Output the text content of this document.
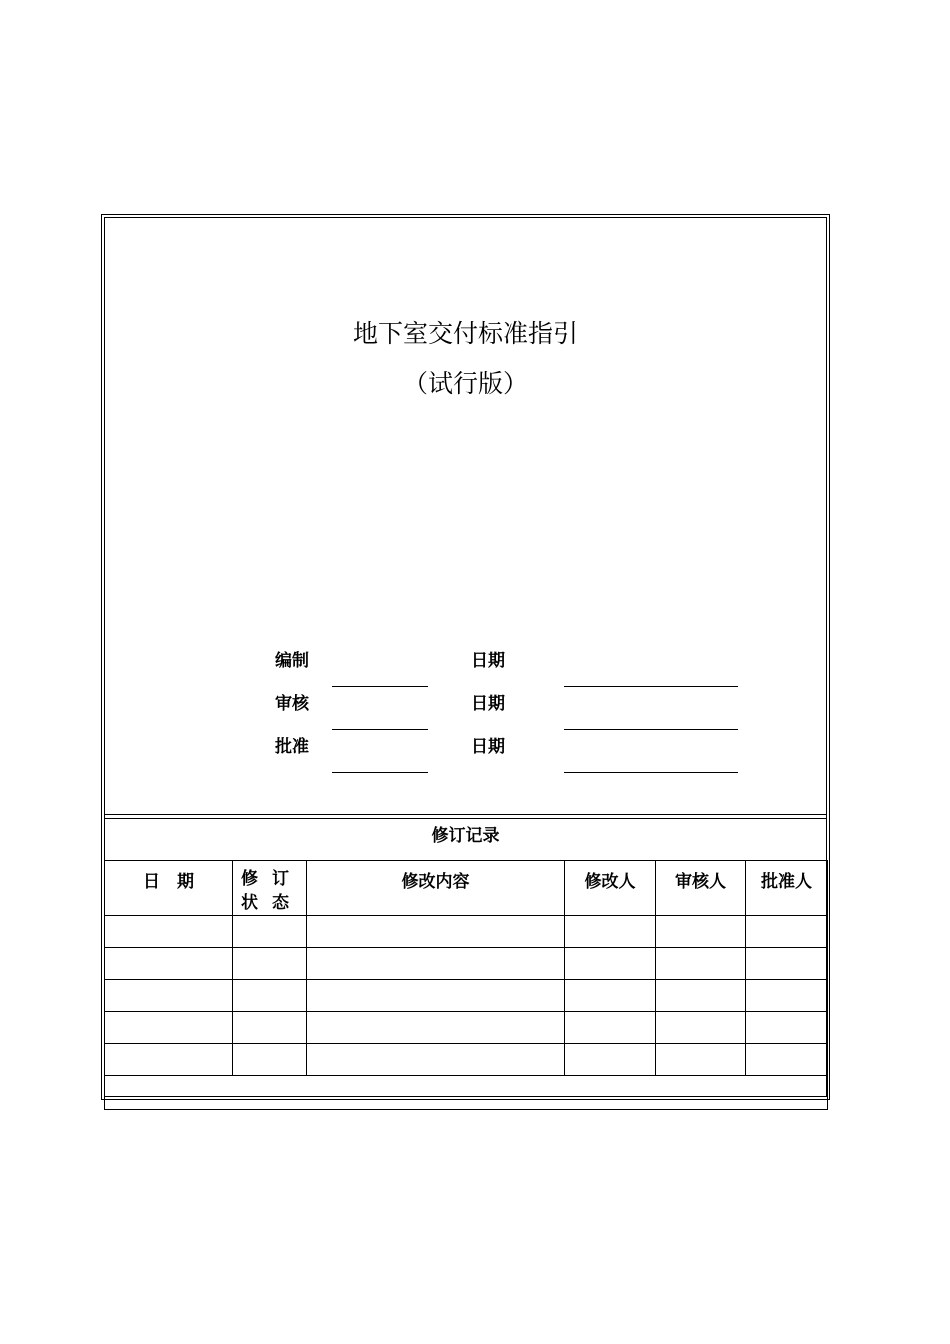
地下室交付标准指引
（试行版）
编制	日期
审核	日期
批准	日期
修订记录
日　期	修订状态	修改内容	修改人	审核人	批准人
